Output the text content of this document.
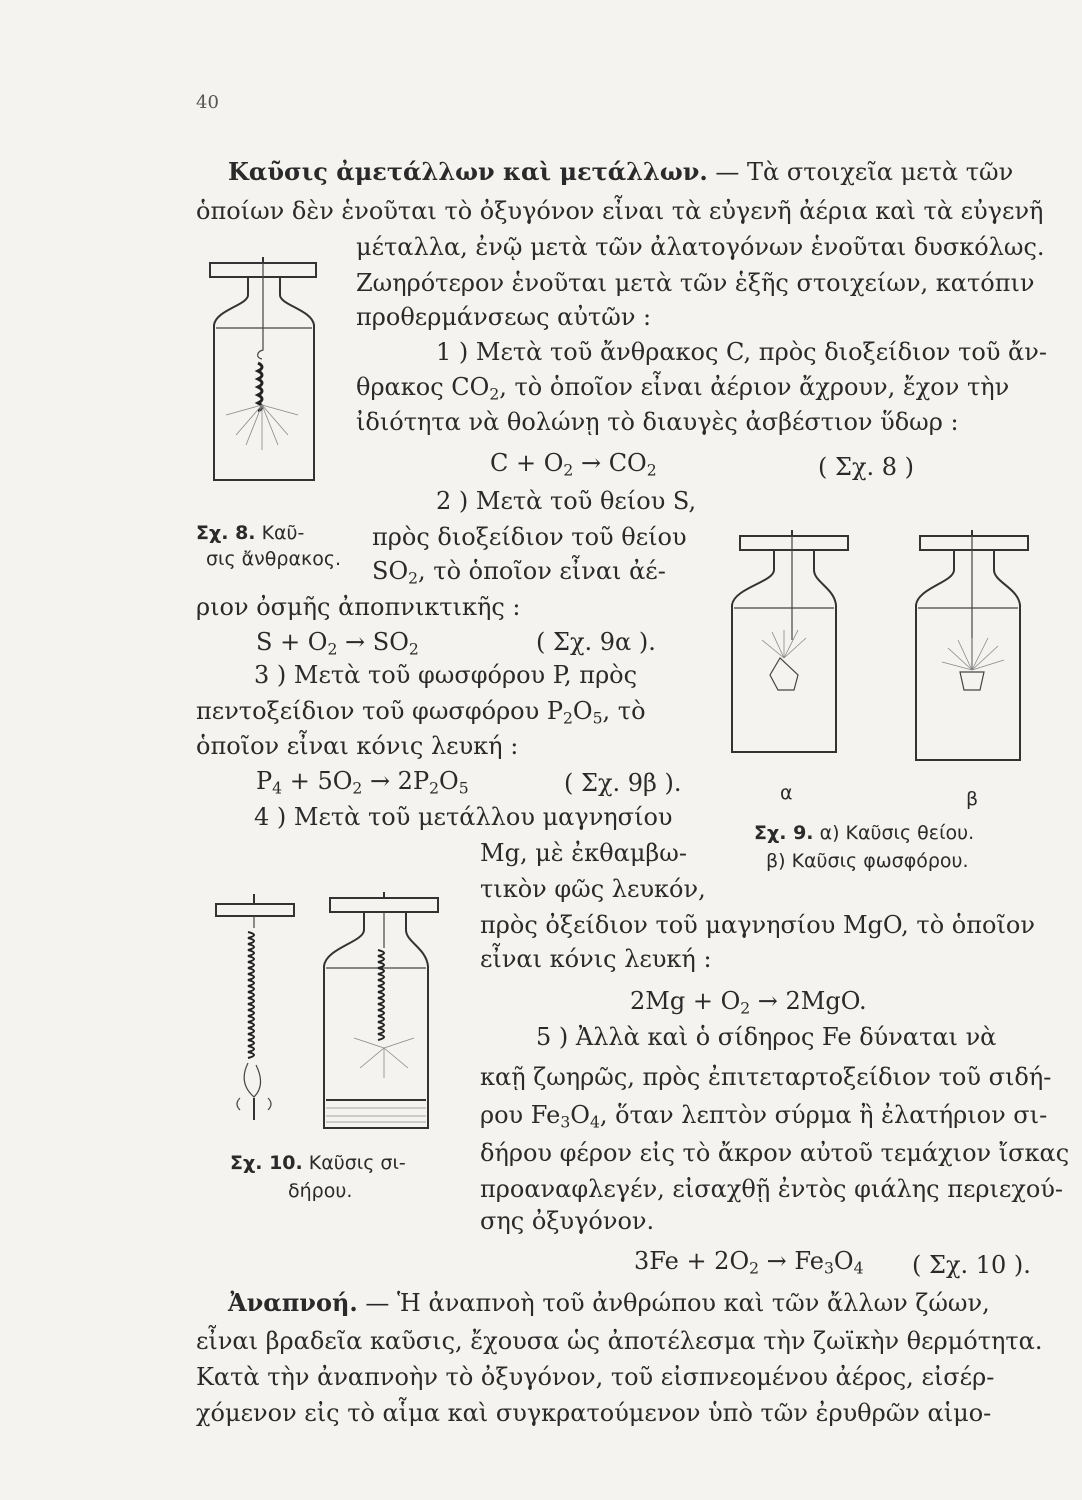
40
Καῦσις ἀμετάλλων καὶ μετάλλων. — Τὰ στοιχεῖα μετὰ τῶν
ὁποίων δὲν ἑνοῦται τὸ ὀξυγόνον εἶναι τὰ εὐγενῆ ἀέρια καὶ τὰ εὐγενῆ
μέταλλα, ἐνῷ μετὰ τῶν ἀλατογόνων ἑνοῦται δυσκόλως.
Ζωηρότερον ἑνοῦται μετὰ τῶν ἑξῆς στοιχείων, κατόπιν
προθερμάνσεως αὐτῶν :
1 ) Μετὰ τοῦ ἄνθρακος C, πρὸς διοξείδιον τοῦ ἄν-
θρακος $CO_2$, τὸ ὁποῖον εἶναι ἀέριον ἄχρουν, ἔχον τὴν
ἰδιότητα νὰ θολώνῃ τὸ διαυγὲς ἀσβέστιον ὕδωρ :
$C + O_2 \to CO_2$	( Σχ. 8 )
2 ) Μετὰ τοῦ θείου S,
πρὸς διοξείδιον τοῦ θείου
$SO_2$, τὸ ὁποῖον εἶναι ἀέ-
ριον ὀσμῆς ἀποπνικτικῆς :
$S + O_2 \to SO_2$	( Σχ. 9α ).
3 ) Μετὰ τοῦ φωσφόρου P, πρὸς
πεντοξείδιον τοῦ φωσφόρου $P_2O_5$, τὸ
ὁποῖον εἶναι κόνις λευκή :
$P_4 + 5O_2 \to 2P_2O_5$	( Σχ. 9β ).
4 ) Μετὰ τοῦ μετάλλου μαγνησίου
Mg, μὲ ἐκθαμβω-
τικὸν φῶς λευκόν,
πρὸς ὀξείδιον τοῦ μαγνησίου MgO, τὸ ὁποῖον
εἶναι κόνις λευκή :
$2Mg + O_2 \to 2MgO$.
5 ) Ἀλλὰ καὶ ὁ σίδηρος Fe δύναται νὰ
καῇ ζωηρῶς, πρὸς ἐπιτεταρτοξείδιον τοῦ σιδή-
ρου $Fe_3O_4$, ὅταν λεπτὸν σύρμα ἢ ἐλατήριον σι-
δήρου φέρον εἰς τὸ ἄκρον αὐτοῦ τεμάχιον ἴσκας
προαναφλεγέν, εἰσαχθῇ ἐντὸς φιάλης περιεχού-
σης ὀξυγόνον.
$3Fe + 2O_2 \to Fe_3O_4$ ( Σχ. 10 ).
Ἀναπνοή. — Ἡ ἀναπνοὴ τοῦ ἀνθρώπου καὶ τῶν ἄλλων ζώων,
εἶναι βραδεῖα καῦσις, ἔχουσα ὡς ἀποτέλεσμα τὴν ζωϊκὴν θερμότητα.
Κατὰ τὴν ἀναπνοὴν τὸ ὀξυγόνον, τοῦ εἰσπνεομένου ἀέρος, εἰσέρ-
χόμενον εἰς τὸ αἷμα καὶ συγκρατούμενον ὑπὸ τῶν ἐρυθρῶν αἱμο-
Σχ. 8. Καῦ-
σις ἄνθρακος.
α	β
Σχ. 9. α) Καῦσις θείου.
β) Καῦσις φωσφόρου.
Σχ. 10. Καῦσις σι-
δήρου.
